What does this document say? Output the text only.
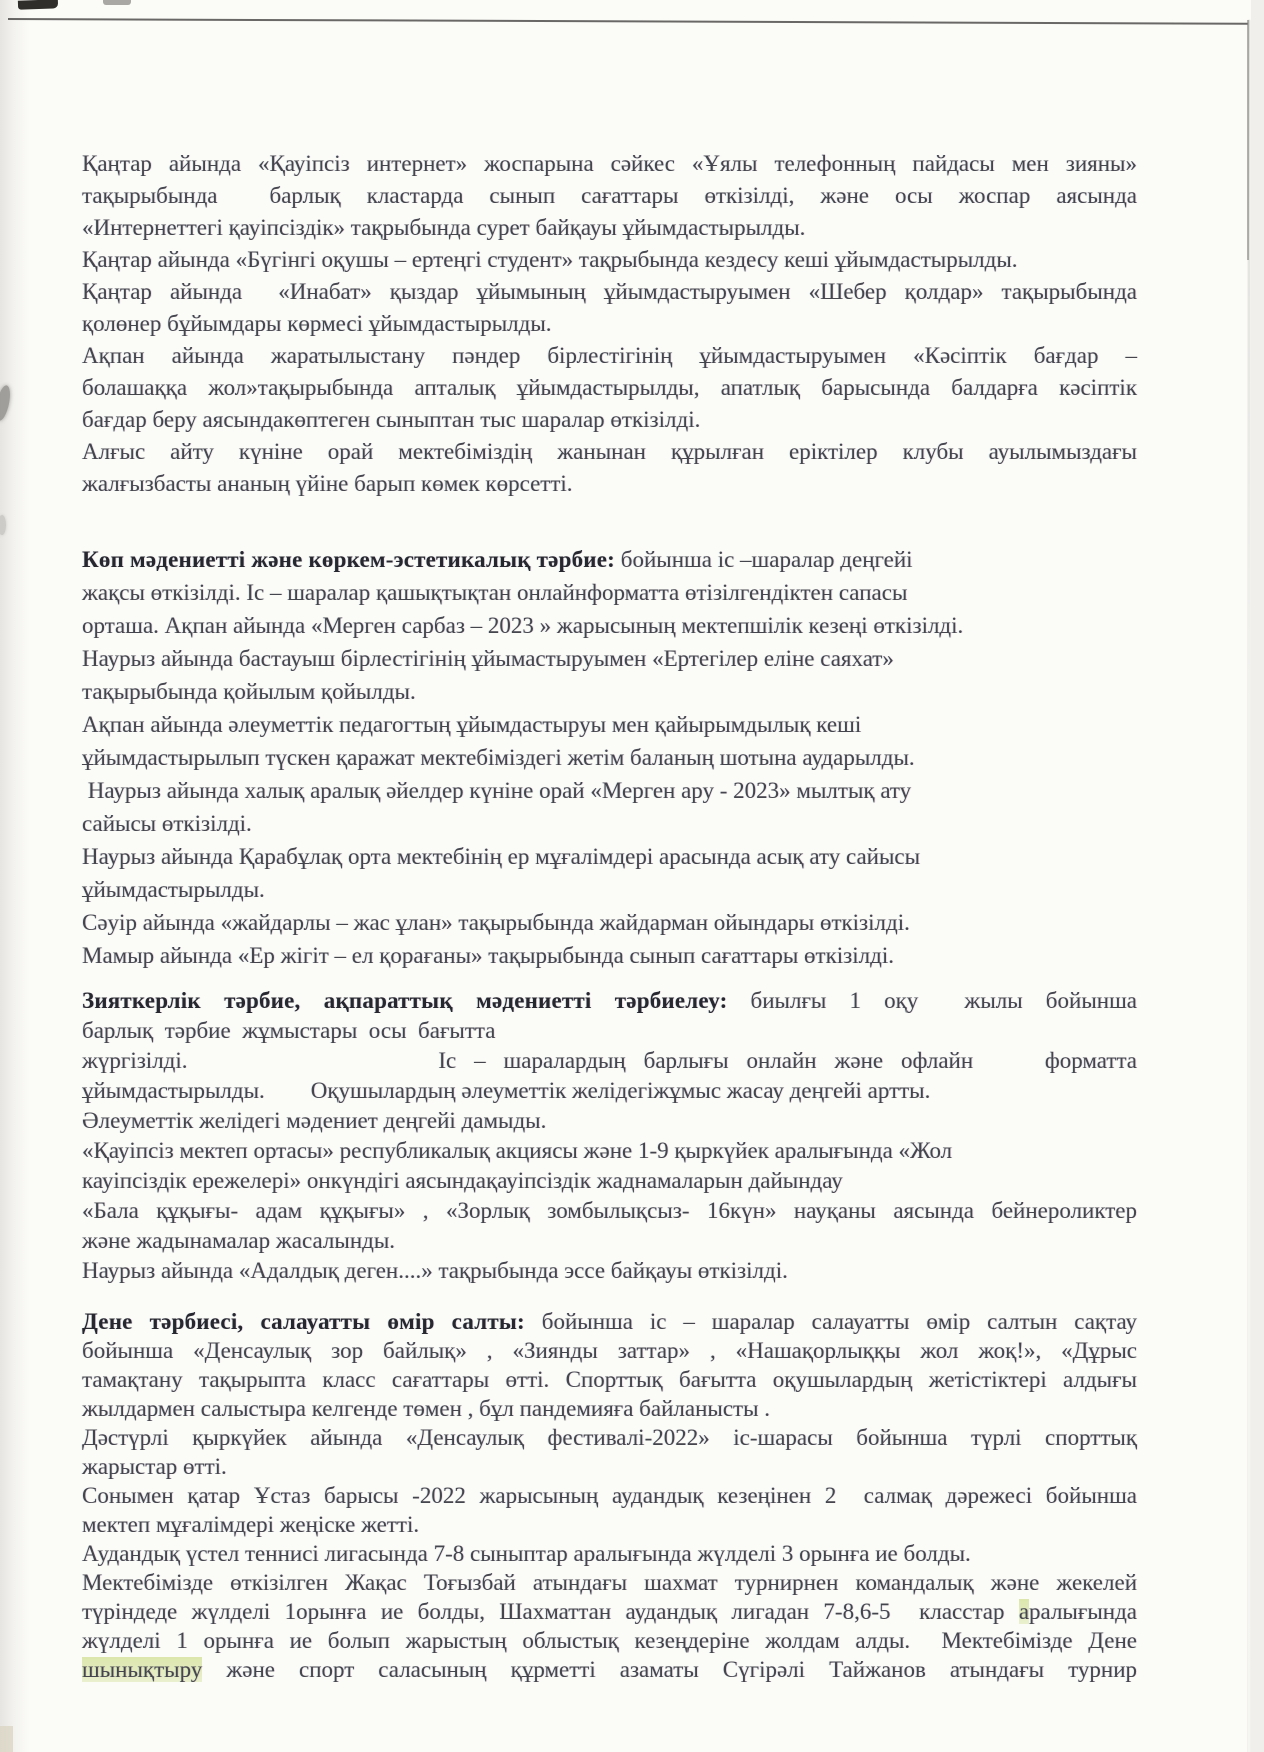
Қаңтар айында «Қауіпсіз интернет» жоспарына сәйкес «Ұялы телефонның пайдасы мен зияны»
тақырыбында  барлық кластарда сынып сағаттары өткізілді, және осы жоспар аясында
«Интернеттегі қауіпсіздік» тақрыбында сурет байқауы ұйымдастырылды.
Қаңтар айында «Бүгінгі оқушы – ертеңгі студент» тақрыбында кездесу кеші ұйымдастырылды.
Қаңтар айында  «Инабат» қыздар ұйымының ұйымдастыруымен «Шебер қолдар» тақырыбында
қолөнер бұйымдары көрмесі ұйымдастырылды.
Ақпан айында жаратылыстану пәндер бірлестігінің ұйымдастыруымен «Кәсіптік бағдар –
болашаққа жол»тақырыбында апталық ұйымдастырылды, апатлық барысында балдарға кәсіптік
бағдар беру аясындакөптеген сыныптан тыс шаралар өткізілді.
Алғыс айту күніне орай мектебіміздің жанынан құрылған еріктілер клубы ауылымыздағы
жалғызбасты ананың үйіне барып көмек көрсетті.
Көп мәдениетті және көркем-эстетикалық тәрбие: бойынша іс –шаралар деңгейі
жақсы өткізілді. Іс – шаралар қашықтықтан онлайнформатта өтізілгендіктен сапасы
орташа. Ақпан айында «Мерген сарбаз – 2023 » жарысының мектепшілік кезеңі өткізілді.
Наурыз айында бастауыш бірлестігінің ұйымастыруымен «Ертегілер еліне саяхат»
тақырыбында қойылым қойылды.
Ақпан айында әлеуметтік педагогтың ұйымдастыруы мен қайырымдылық кеші
ұйымдастырылып түскен қаражат мектебіміздегі жетім баланың шотына аударылды.
Наурыз айында халық аралық әйелдер күніне орай «Мерген ару - 2023» мылтық ату
сайысы өткізілді.
Наурыз айында Қарабұлақ орта мектебінің ер мұғалімдері арасында асық ату сайысы
ұйымдастырылды.
Сәуір айында «жайдарлы – жас ұлан» тақырыбында жайдарман ойындары өткізілді.
Мамыр айында «Ер жігіт – ел қорағаны» тақырыбында сынып сағаттары өткізілді.
Зияткерлік тәрбие, ақпараттық мәдениетті тәрбиелеу: биылғы 1 оқу  жылы бойынша
барлық  тәрбие  жұмыстары  осы  бағытта
жүргізілді.              Іс – шаралардың барлығы онлайн және офлайн    форматта
ұйымдастырылды.        Оқушылардың әлеуметтік желідегіжұмыс жасау деңгейі артты.
Әлеуметтік желідегі мәдениет деңгейі дамыды.
«Қауіпсіз мектеп ортасы» республикалық акциясы және 1-9 қыркүйек аралығында «Жол
кауіпсіздік ережелері» онкүндігі аясындақауіпсіздік жаднамаларын дайындау
«Бала құқығы- адам құқығы» , «Зорлық зомбылықсыз- 16күн» науқаны аясында бейнероликтер
және жадынамалар жасалынды.
Наурыз айында «Адалдық деген....» тақрыбында эссе байқауы өткізілді.
Дене тәрбиесі, салауатты өмір салты: бойынша іс – шаралар салауатты өмір салтын сақтау
бойынша «Денсаулық зор байлық» , «Зиянды заттар» , «Нашақорлыққы жол жоқ!», «Дұрыс
тамақтану тақырыпта класс сағаттары өтті. Спорттық бағытта оқушылардың жетістіктері алдығы
жылдармен салыстыра келгенде төмен , бұл пандемияға байланысты .
Дәстүрлі қыркүйек айында «Денсаулық фестивалі-2022» іс-шарасы бойынша түрлі спорттық
жарыстар өтті.
Сонымен қатар Ұстаз барысы -2022 жарысының аудандық кезеңінен 2  салмақ дәрежесі бойынша
мектеп мұғалімдері жеңіске жетті.
Аудандық үстел теннисі лигасында 7-8 сыныптар аралығында жүлделі 3 орынға ие болды.
Мектебімізде өткізілген Жақас Тоғызбай атындағы шахмат турнирнен командалық және жекелей
түріндеде жүлделі 1орынға ие болды, Шахматтан аудандық лигадан 7-8,6-5  класстар аралығында
жүлделі 1 орынға ие болып жарыстың облыстық кезеңдеріне жолдам алды.  Мектебімізде Дене
шынықтыру  және  спорт  саласының  құрметті  азаматы  Сүгірәлі  Тайжанов  атындағы  турнир
